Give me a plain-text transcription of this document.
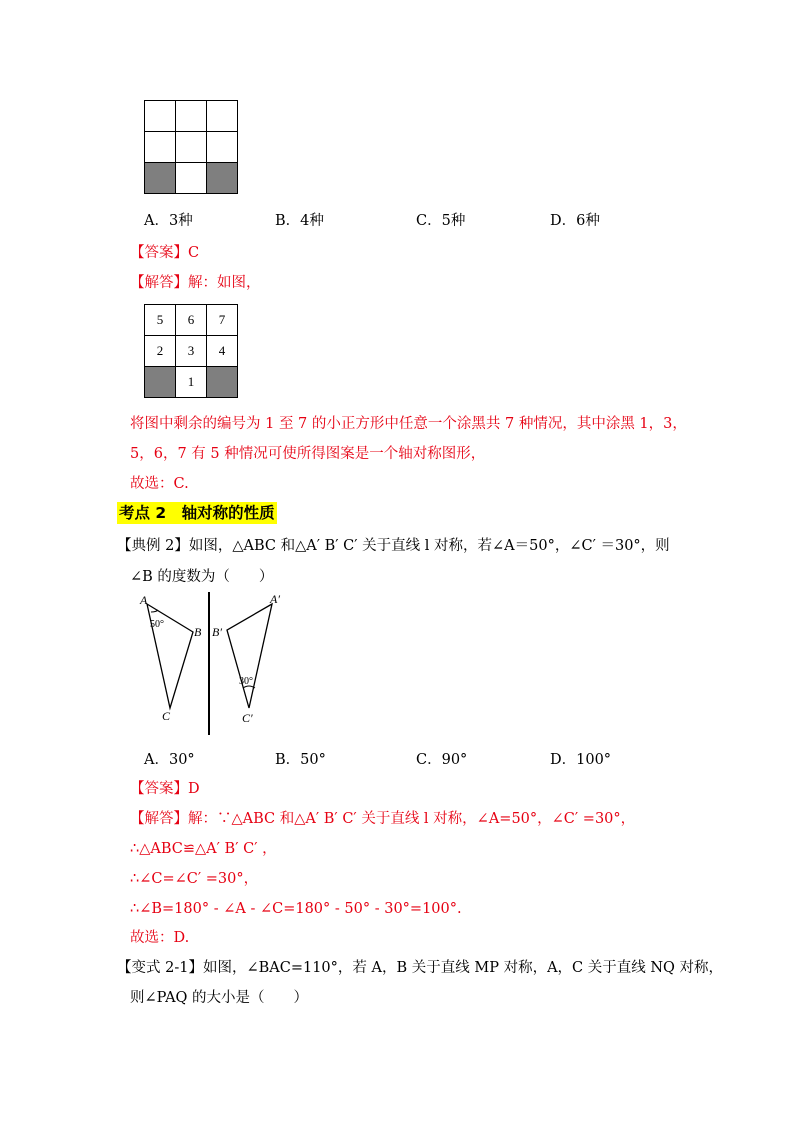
A．3种	B．4种	C．5种	D．6种
【答案】C
【解答】解：如图，
5	6	7
2	3	4
	1	
将图中剩余的编号为 1 至 7 的小正方形中任意一个涂黑共 7 种情况，其中涂黑 1，3，
5，6，7 有 5 种情况可使所得图案是一个轴对称图形，
故选：C.
考点 2　轴对称的性质
【典例 2】如图，△ABC 和△A′ B′ C′ 关于直线 l 对称，若∠A＝50°，∠C′ ＝30°，则
∠B 的度数为（　　）
A
50°
B
C
A′
B′
30°
C′
A．30°	B．50°	C．90°	D．100°
【答案】D
【解答】解：∵△ABC 和△A′ B′ C′ 关于直线 l 对称，∠A=50°，∠C′ =30°，
∴△ABC≌△A′ B′ C′ ，
∴∠C=∠C′ =30°，
∴∠B=180° - ∠A - ∠C=180° - 50° - 30°=100°.
故选：D.
【变式 2-1】如图，∠BAC=110°，若 A，B 关于直线 MP 对称，A，C 关于直线 NQ 对称，
则∠PAQ 的大小是（　　）
